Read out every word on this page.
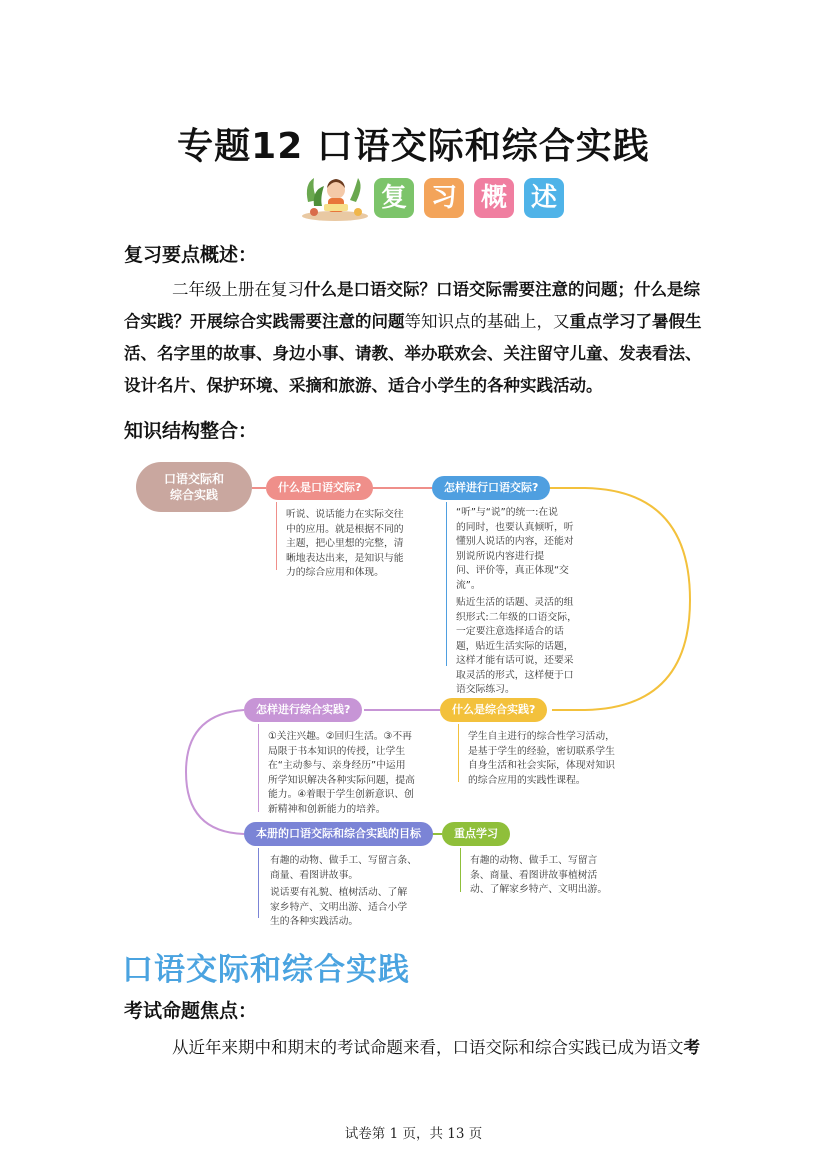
专题12 口语交际和综合实践
复 习 概 述
复习要点概述：
二年级上册在复习什么是口语交际？口语交际需要注意的问题；什么是综
合实践？开展综合实践需要注意的问题等知识点的基础上，又重点学习了暑假生
活、名字里的故事、身边小事、请教、举办联欢会、关注留守儿童、发表看法、
设计名片、保护环境、采摘和旅游、适合小学生的各种实践活动。
知识结构整合：
口语交际和
综合实践
什么是口语交际?
听说、说话能力在实际交往
中的应用。就是根据不同的
主题，把心里想的完整，清
晰地表达出来，是知识与能
力的综合应用和体现。
怎样进行口语交际?
“听”与“说”的统一:在说
的同时，也要认真倾听，听
懂别人说话的内容，还能对
别说所说内容进行提
问、评价等，真正体现“交
流”。
贴近生活的话题、灵活的组
织形式:二年级的口语交际，
一定要注意选择适合的话
题，贴近生活实际的话题，
这样才能有话可说，还要采
取灵活的形式，这样便于口
语交际练习。
什么是综合实践?
学生自主进行的综合性学习活动，
是基于学生的经验，密切联系学生
自身生活和社会实际，体现对知识
的综合应用的实践性课程。
怎样进行综合实践?
①关注兴趣。②回归生活。③不再
局限于书本知识的传授，让学生
在“主动参与、亲身经历”中运用
所学知识解决各种实际问题，提高
能力。④着眼于学生创新意识、创
新精神和创新能力的培养。
本册的口语交际和综合实践的目标
有趣的动物、做手工、写留言条、
商量、看图讲故事。
说话要有礼貌、植树活动、了解
家乡特产、文明出游、适合小学
生的各种实践活动。
重点学习
有趣的动物、做手工、写留言
条、商量、看图讲故事植树活
动、了解家乡特产、文明出游。
口语交际和综合实践
考试命题焦点：
从近年来期中和期末的考试命题来看，口语交际和综合实践已成为语文考
试卷第 1 页，共 13 页
